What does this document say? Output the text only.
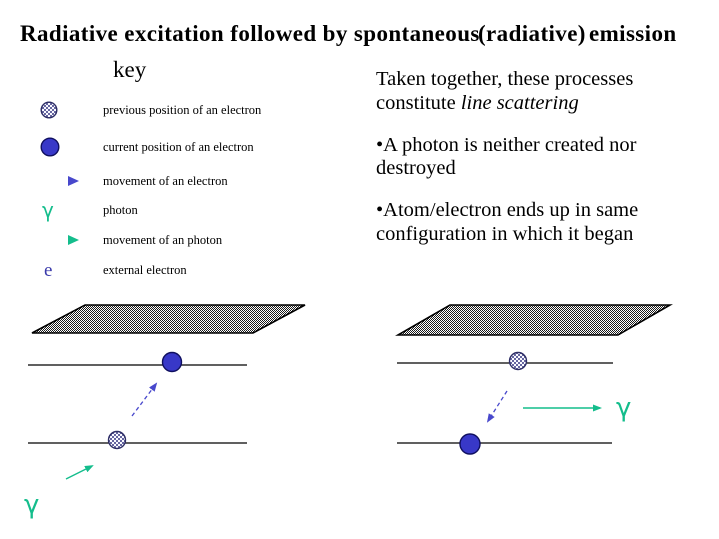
Radiative excitation followed by spontaneous
(radiative) emission
key
previous position of an electron
current position of an electron
movement of an electron
γ	photon
movement of an photon
e	external electron

Taken together, these processes constitute line scattering

•A photon is neither created nor destroyed

•Atom/electron ends up in same configuration in which it began

γ
γ
